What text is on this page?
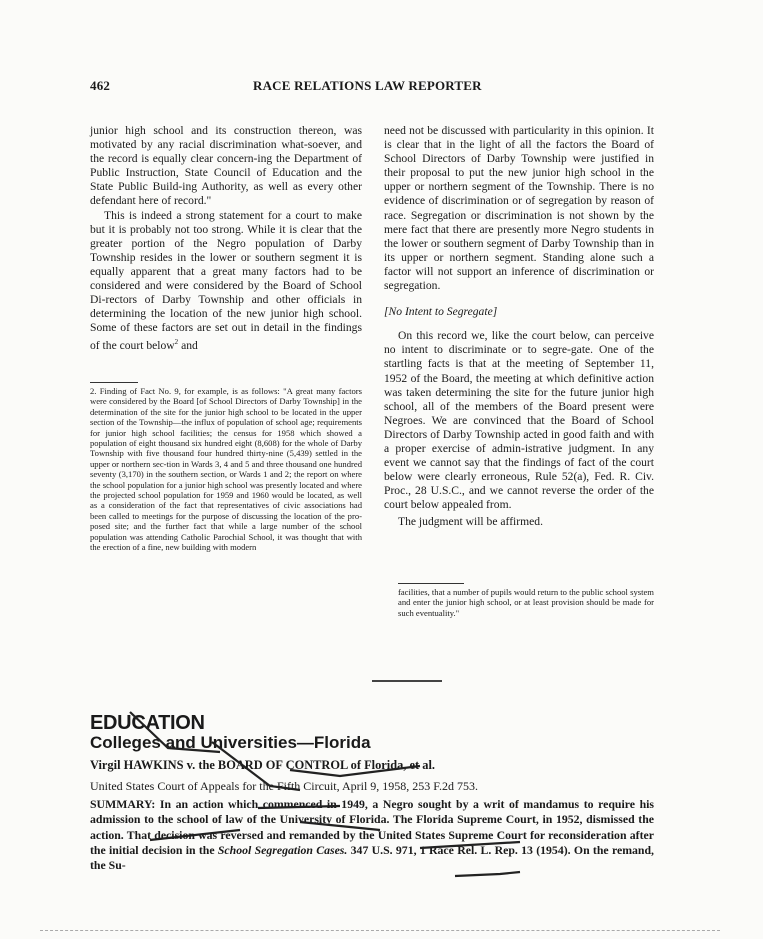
462	RACE RELATIONS LAW REPORTER

junior high school and its construction thereon, was motivated by any racial discrimination what-soever, and the record is equally clear concern-ing the Department of Public Instruction, State Council of Education and the State Public Build-ing Authority, as well as every other defendant here of record."

This is indeed a strong statement for a court to make but it is probably not too strong. While it is clear that the greater portion of the Negro population of Darby Township resides in the lower or southern segment it is equally apparent that a great many factors had to be considered and were considered by the Board of School Di-rectors of Darby Township and other officials in determining the location of the new junior high school. Some of these factors are set out in detail in the findings of the court below$^2$ and

2. Finding of Fact No. 9, for example, is as follows: "A great many factors were considered by the Board [of School Directors of Darby Township] in the determination of the site for the junior high school to be located in the upper section of the Township—the influx of population of school age; requirements for junior high school facilities; the census for 1958 which showed a population of eight thousand six hundred eight (8,608) for the whole of Darby Township with five thousand four hundred thirty-nine (5,439) settled in the upper or northern sec-tion in Wards 3, 4 and 5 and three thousand one hundred seventy (3,170) in the southern section, or Wards 1 and 2; the report on where the school population for a junior high school was presently located and where the projected school population for 1959 and 1960 would be located, as well as a consideration of the fact that representatives of civic associations had been called to meetings for the purpose of discussing the location of the pro-posed site; and the further fact that while a large number of the school population was attending Catholic Parochial School, it was thought that with the erection of a fine, new building with modern

need not be discussed with particularity in this opinion. It is clear that in the light of all the factors the Board of School Directors of Darby Township were justified in their proposal to put the new junior high school in the upper or northern segment of the Township. There is no evidence of discrimination or of segregation by reason of race. Segregation or discrimination is not shown by the mere fact that there are presently more Negro students in the lower or southern segment of Darby Township than in its upper or northern segment. Standing alone such a factor will not support an inference of discrimination or segregation.

[No Intent to Segregate]

On this record we, like the court below, can perceive no intent to discriminate or to segre-gate. One of the startling facts is that at the meeting of September 11, 1952 of the Board, the meeting at which definitive action was taken determining the site for the future junior high school, all of the members of the Board present were Negroes. We are convinced that the Board of School Directors of Darby Township acted in good faith and with a proper exercise of admin-istrative judgment. In any event we cannot say that the findings of fact of the court below were clearly erroneous, Rule 52(a), Fed. R. Civ. Proc., 28 U.S.C., and we cannot reverse the order of the court below appealed from.

The judgment will be affirmed.

facilities, that a number of pupils would return to the public school system and enter the junior high school, or at least provision should be made for such eventuality."

EDUCATION
Colleges and Universities—Florida
Virgil HAWKINS v. the BOARD OF CONTROL of Florida, et al.
United States Court of Appeals for the Fifth Circuit, April 9, 1958, 253 F.2d 753.
SUMMARY: In an action which commenced in 1949, a Negro sought by a writ of mandamus to require his admission to the school of law of the University of Florida. The Florida Supreme Court, in 1952, dismissed the action. That decision was reversed and remanded by the United States Supreme Court for reconsideration after the initial decision in the School Segregation Cases. 347 U.S. 971, 1 Race Rel. L. Rep. 13 (1954). On the remand, the Su-
